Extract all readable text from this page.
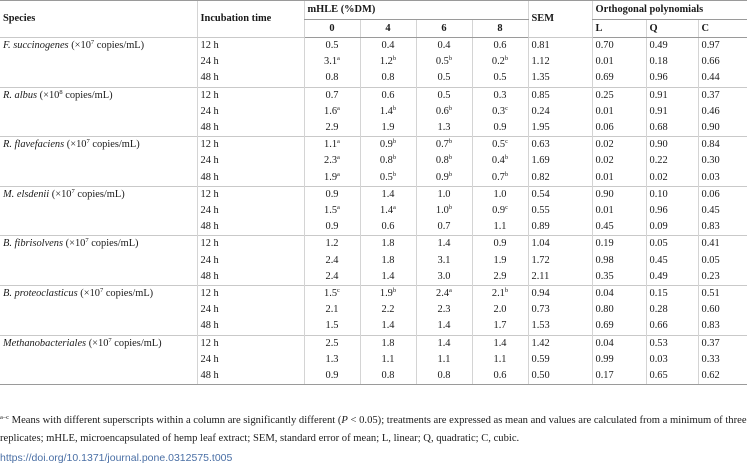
Species	Incubation time	mHLE (%DM)				SEM	Orthogonal polynomials		
		0	4	6	8		L	Q	C
F. succinogenes ($\times 10^7$ copies/mL)	12 h	0.5	0.4	0.4	0.6	0.81	0.70	0.49	0.97
	24 h	3.1$^a$	1.2$^b$	0.5$^b$	0.2$^b$	1.12	0.01	0.18	0.66
	48 h	0.8	0.8	0.5	0.5	1.35	0.69	0.96	0.44
R. albus ($\times 10^8$ copies/mL)	12 h	0.7	0.6	0.5	0.3	0.85	0.25	0.91	0.37
	24 h	1.6$^a$	1.4$^b$	0.6$^b$	0.3$^c$	0.24	0.01	0.91	0.46
	48 h	2.9	1.9	1.3	0.9	1.95	0.06	0.68	0.90
R. flavefaciens ($\times 10^7$ copies/mL)	12 h	1.1$^a$	0.9$^b$	0.7$^b$	0.5$^c$	0.63	0.02	0.90	0.84
	24 h	2.3$^a$	0.8$^b$	0.8$^b$	0.4$^b$	1.69	0.02	0.22	0.30
	48 h	1.9$^a$	0.5$^b$	0.9$^b$	0.7$^b$	0.82	0.01	0.02	0.03
M. elsdenii ($\times 10^7$ copies/mL)	12 h	0.9	1.4	1.0	1.0	0.54	0.90	0.10	0.06
	24 h	1.5$^a$	1.4$^a$	1.0$^b$	0.9$^c$	0.55	0.01	0.96	0.45
	48 h	0.9	0.6	0.7	1.1	0.89	0.45	0.09	0.83
B. fibrisolvens ($\times 10^7$ copies/mL)	12 h	1.2	1.8	1.4	0.9	1.04	0.19	0.05	0.41
	24 h	2.4	1.8	3.1	1.9	1.72	0.98	0.45	0.05
	48 h	2.4	1.4	3.0	2.9	2.11	0.35	0.49	0.23
B. proteoclasticus ($\times 10^7$ copies/mL)	12 h	1.5$^c$	1.9$^b$	2.4$^a$	2.1$^b$	0.94	0.04	0.15	0.51
	24 h	2.1	2.2	2.3	2.0	0.73	0.80	0.28	0.60
	48 h	1.5	1.4	1.4	1.7	1.53	0.69	0.66	0.83
Methanobacteriales ($\times 10^7$ copies/mL)	12 h	2.5	1.8	1.4	1.4	1.42	0.04	0.53	0.37
	24 h	1.3	1.1	1.1	1.1	0.59	0.99	0.03	0.33
	48 h	0.9	0.8	0.8	0.6	0.50	0.17	0.65	0.62
$^{a-c}$ Means with different superscripts within a column are significantly different (P < 0.05); treatments are expressed as mean and values are calculated from a minimum of three replicates; mHLE, microencapsulated of hemp leaf extract; SEM, standard error of mean; L, linear; Q, quadratic; C, cubic.
https://doi.org/10.1371/journal.pone.0312575.t005
